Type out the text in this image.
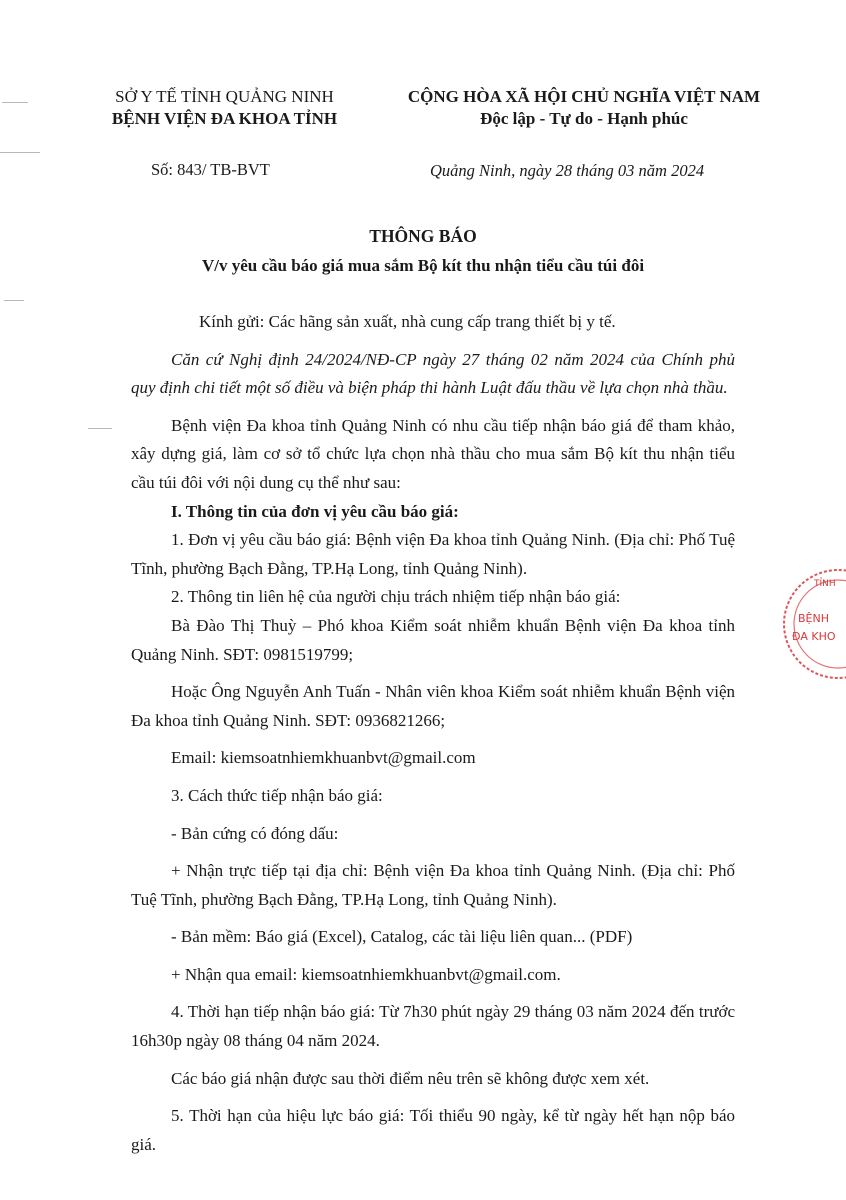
SỞ Y TẾ TỈNH QUẢNG NINH
BỆNH VIỆN ĐA KHOA TỈNH
CỘNG HÒA XÃ HỘI CHỦ NGHĨA VIỆT NAM
Độc lập - Tự do - Hạnh phúc
Số: 843/ TB-BVT	Quảng Ninh, ngày 28 tháng 03 năm 2024
THÔNG BÁO
V/v yêu cầu báo giá mua sắm Bộ kít thu nhận tiểu cầu túi đôi

Kính gửi: Các hãng sản xuất, nhà cung cấp trang thiết bị y tế.

Căn cứ Nghị định 24/2024/NĐ-CP ngày 27 tháng 02 năm 2024 của Chính phủ quy định chi tiết một số điều và biện pháp thi hành Luật đấu thầu về lựa chọn nhà thầu.

Bệnh viện Đa khoa tỉnh Quảng Ninh có nhu cầu tiếp nhận báo giá để tham khảo, xây dựng giá, làm cơ sở tổ chức lựa chọn nhà thầu cho mua sắm Bộ kít thu nhận tiểu cầu túi đôi với nội dung cụ thể như sau:

I. Thông tin của đơn vị yêu cầu báo giá:

1. Đơn vị yêu cầu báo giá: Bệnh viện Đa khoa tỉnh Quảng Ninh. (Địa chỉ: Phố Tuệ Tĩnh, phường Bạch Đằng, TP.Hạ Long, tỉnh Quảng Ninh).

2. Thông tin liên hệ của người chịu trách nhiệm tiếp nhận báo giá:

Bà Đào Thị Thuỳ – Phó khoa Kiểm soát nhiễm khuẩn Bệnh viện Đa khoa tỉnh Quảng Ninh. SĐT: 0981519799;

Hoặc Ông Nguyễn Anh Tuấn - Nhân viên khoa Kiểm soát nhiễm khuẩn Bệnh viện Đa khoa tỉnh Quảng Ninh. SĐT: 0936821266;

Email: kiemsoatnhiemkhuanbvt@gmail.com

3. Cách thức tiếp nhận báo giá:

- Bản cứng có đóng dấu:

+ Nhận trực tiếp tại địa chỉ: Bệnh viện Đa khoa tỉnh Quảng Ninh. (Địa chỉ: Phố Tuệ Tĩnh, phường Bạch Đằng, TP.Hạ Long, tỉnh Quảng Ninh).

- Bản mềm: Báo giá (Excel), Catalog, các tài liệu liên quan... (PDF)

+ Nhận qua email: kiemsoatnhiemkhuanbvt@gmail.com.

4. Thời hạn tiếp nhận báo giá: Từ 7h30 phút ngày 29 tháng 03 năm 2024 đến trước 16h30p ngày 08 tháng 04 năm 2024.

Các báo giá nhận được sau thời điểm nêu trên sẽ không được xem xét.

5. Thời hạn của hiệu lực báo giá: Tối thiểu 90 ngày, kể từ ngày hết hạn nộp báo giá.

TỈNH
BỆNH
ĐA KHO
